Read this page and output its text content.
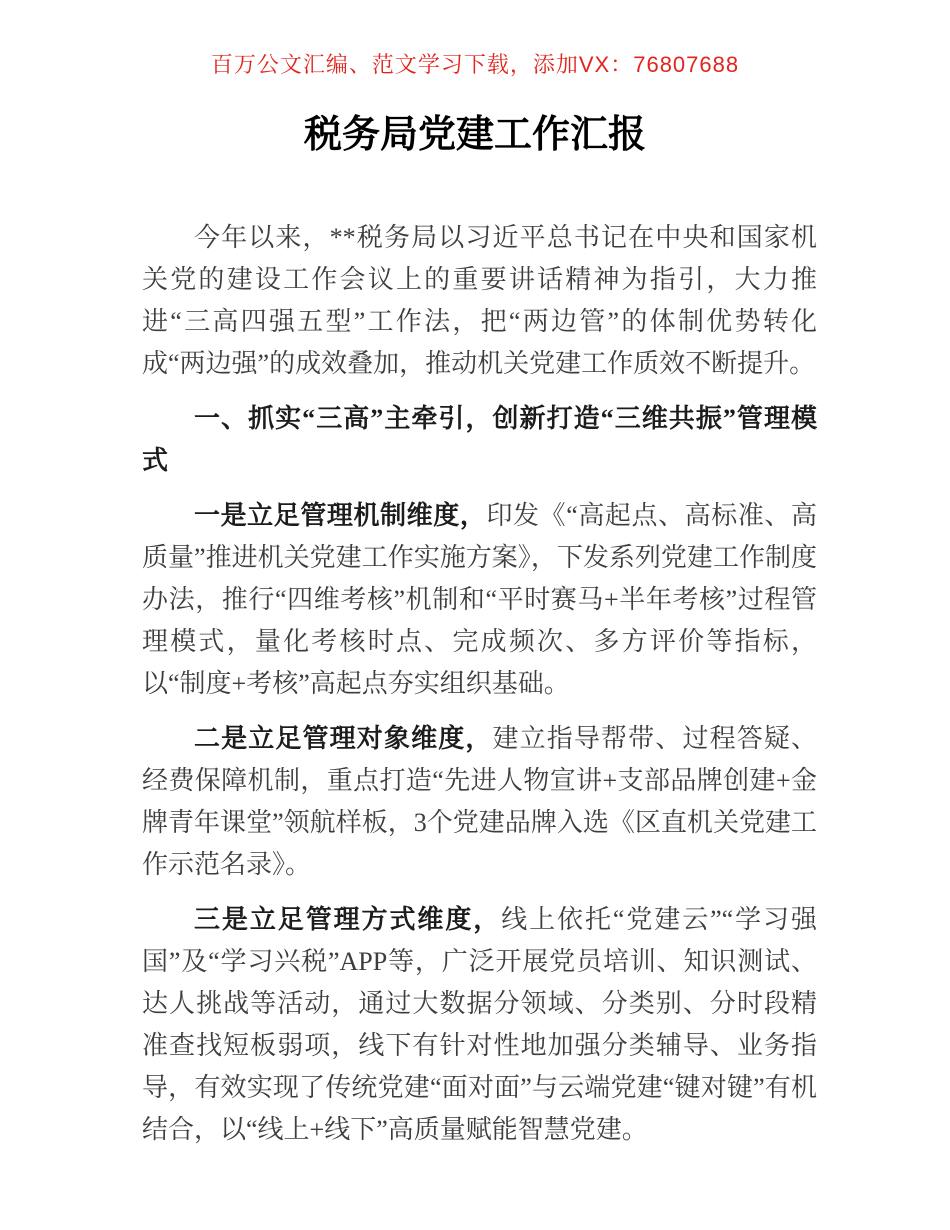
百万公文汇编、范文学习下载，添加VX：76807688
税务局党建工作汇报

今年以来，**税务局以习近平总书记在中央和国家机关党的建设工作会议上的重要讲话精神为指引，大力推进“三高四强五型”工作法，把“两边管”的体制优势转化成“两边强”的成效叠加，推动机关党建工作质效不断提升。

一、抓实“三高”主牵引，创新打造“三维共振”管理模式

一是立足管理机制维度，印发《“高起点、高标准、高质量”推进机关党建工作实施方案》，下发系列党建工作制度办法，推行“四维考核”机制和“平时赛马+半年考核”过程管理模式，量化考核时点、完成频次、多方评价等指标，以“制度+考核”高起点夯实组织基础。

二是立足管理对象维度，建立指导帮带、过程答疑、经费保障机制，重点打造“先进人物宣讲+支部品牌创建+金牌青年课堂”领航样板，3个党建品牌入选《区直机关党建工作示范名录》。

三是立足管理方式维度，线上依托“党建云”“学习强国”及“学习兴税”APP等，广泛开展党员培训、知识测试、达人挑战等活动，通过大数据分领域、分类别、分时段精准查找短板弱项，线下有针对性地加强分类辅导、业务指导，有效实现了传统党建“面对面”与云端党建“键对键”有机结合，以“线上+线下”高质量赋能智慧党建。
